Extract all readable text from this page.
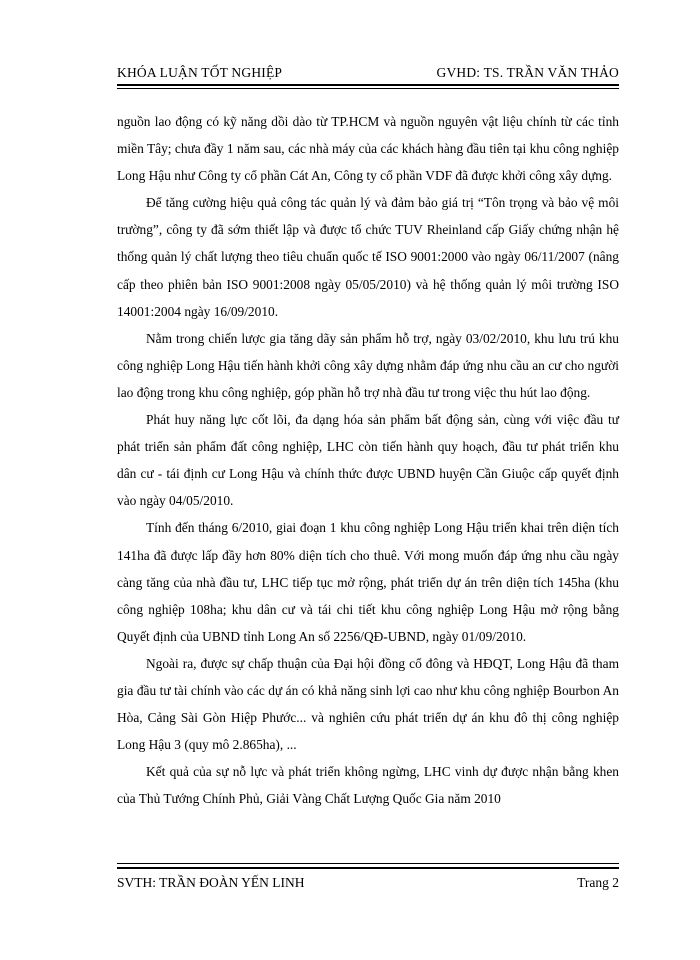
KHÓA LUẬN TỐT NGHIỆP	GVHD: TS. TRẦN VĂN THẢO

nguồn lao động có kỹ năng dồi dào từ TP.HCM và nguồn nguyên vật liệu chính từ các tỉnh miền Tây; chưa đầy 1 năm sau, các nhà máy của các khách hàng đầu tiên tại khu công nghiệp Long Hậu như Công ty cổ phần Cát An, Công ty cổ phần VDF đã được khởi công xây dựng.

Để tăng cường hiệu quả công tác quản lý và đảm bảo giá trị “Tôn trọng và bảo vệ môi trường”, công ty đã sớm thiết lập và được tổ chức TUV Rheinland cấp Giấy chứng nhận hệ thống quản lý chất lượng theo tiêu chuẩn quốc tế ISO 9001:2000 vào ngày 06/11/2007 (nâng cấp theo phiên bản ISO 9001:2008 ngày 05/05/2010) và hệ thống quản lý môi trường ISO 14001:2004 ngày 16/09/2010.

Nằm trong chiến lược gia tăng dãy sản phẩm hỗ trợ, ngày 03/02/2010, khu lưu trú khu công nghiệp Long Hậu tiến hành khởi công xây dựng nhằm đáp ứng nhu cầu an cư cho người lao động trong khu công nghiệp, góp phần hỗ trợ nhà đầu tư trong việc thu hút lao động.

Phát huy năng lực cốt lõi, đa dạng hóa sản phẩm bất động sản, cùng với việc đầu tư phát triển sản phẩm đất công nghiệp, LHC còn tiến hành quy hoạch, đầu tư phát triển khu dân cư - tái định cư Long Hậu và chính thức được UBND huyện Cần Giuộc cấp quyết định vào ngày 04/05/2010.

Tính đến tháng 6/2010, giai đoạn 1 khu công nghiệp Long Hậu triển khai trên diện tích 141ha đã được lấp đầy hơn 80% diện tích cho thuê. Với mong muốn đáp ứng nhu cầu ngày càng tăng của nhà đầu tư, LHC tiếp tục mở rộng, phát triển dự án trên diện tích 145ha (khu công nghiệp 108ha; khu dân cư và tái chi tiết khu công nghiệp Long Hậu mở rộng bằng Quyết định của UBND tỉnh Long An số 2256/QĐ-UBND, ngày 01/09/2010.

Ngoài ra, được sự chấp thuận của Đại hội đồng cổ đông và HĐQT, Long Hậu đã tham gia đầu tư tài chính vào các dự án có khả năng sinh lợi cao như khu công nghiệp Bourbon An Hòa, Cảng Sài Gòn Hiệp Phước... và nghiên cứu phát triển dự án khu đô thị công nghiệp Long Hậu 3 (quy mô 2.865ha), ...

Kết quả của sự nỗ lực và phát triển không ngừng, LHC vinh dự được nhận bằng khen của Thủ Tướng Chính Phủ, Giải Vàng Chất Lượng Quốc Gia năm 2010

SVTH: TRẦN ĐOÀN YẾN LINH	Trang 2
